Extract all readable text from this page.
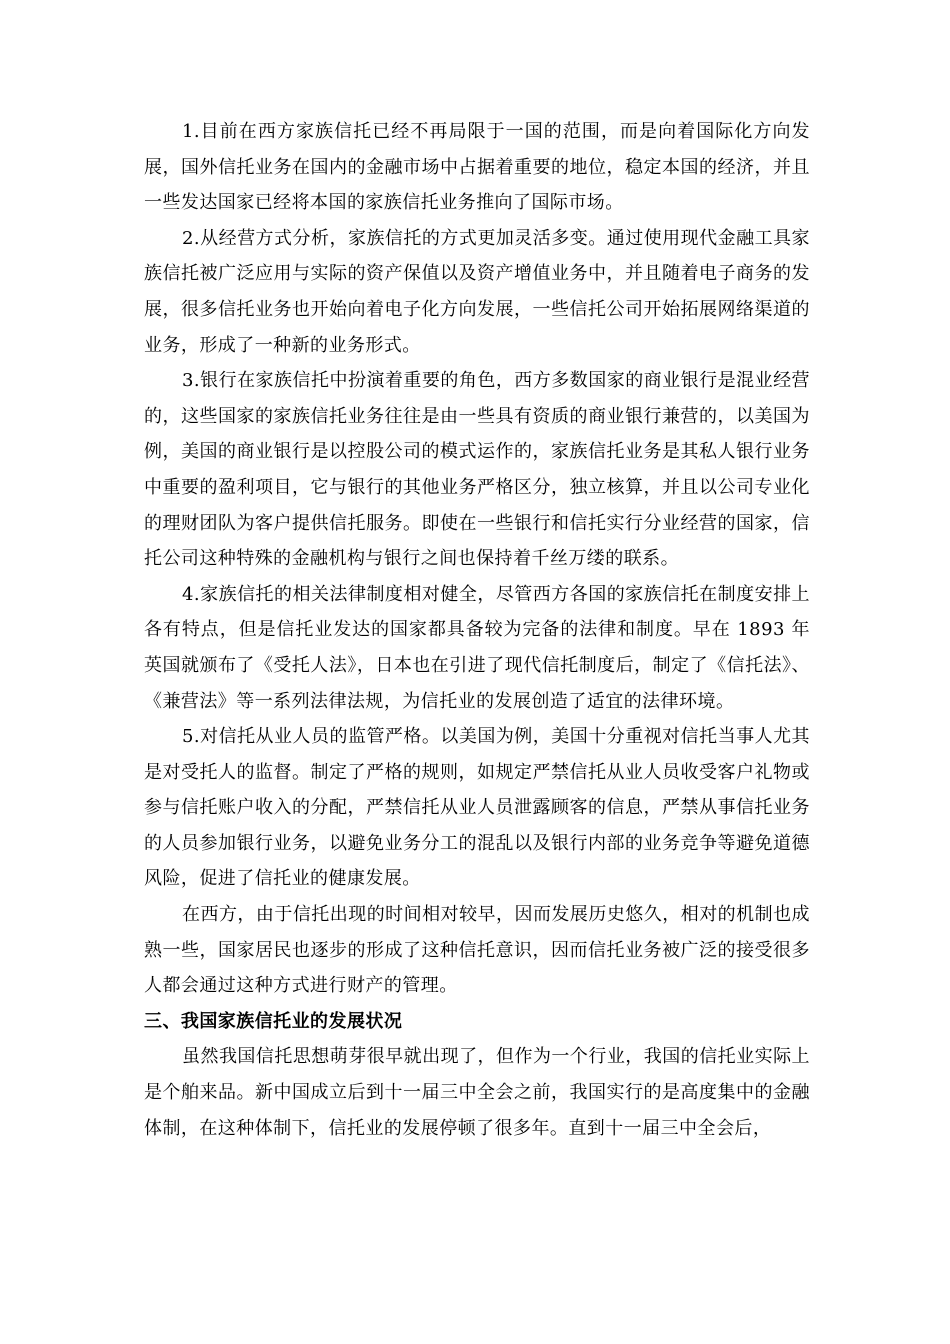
1.目前在西方家族信托已经不再局限于一国的范围，而是向着国际化方向发展，国外信托业务在国内的金融市场中占据着重要的地位，稳定本国的经济，并且一些发达国家已经将本国的家族信托业务推向了国际市场。

2.从经营方式分析，家族信托的方式更加灵活多变。通过使用现代金融工具家族信托被广泛应用与实际的资产保值以及资产增值业务中，并且随着电子商务的发展，很多信托业务也开始向着电子化方向发展，一些信托公司开始拓展网络渠道的业务，形成了一种新的业务形式。

3.银行在家族信托中扮演着重要的角色，西方多数国家的商业银行是混业经营的，这些国家的家族信托业务往往是由一些具有资质的商业银行兼营的，以美国为例，美国的商业银行是以控股公司的模式运作的，家族信托业务是其私人银行业务中重要的盈利项目，它与银行的其他业务严格区分，独立核算，并且以公司专业化的理财团队为客户提供信托服务。即使在一些银行和信托实行分业经营的国家，信托公司这种特殊的金融机构与银行之间也保持着千丝万缕的联系。

4.家族信托的相关法律制度相对健全，尽管西方各国的家族信托在制度安排上各有特点，但是信托业发达的国家都具备较为完备的法律和制度。早在 1893 年英国就颁布了《受托人法》，日本也在引进了现代信托制度后，制定了《信托法》、《兼营法》等一系列法律法规，为信托业的发展创造了适宜的法律环境。

5.对信托从业人员的监管严格。以美国为例，美国十分重视对信托当事人尤其是对受托人的监督。制定了严格的规则，如规定严禁信托从业人员收受客户礼物或参与信托账户收入的分配，严禁信托从业人员泄露顾客的信息，严禁从事信托业务的人员参加银行业务，以避免业务分工的混乱以及银行内部的业务竞争等避免道德风险，促进了信托业的健康发展。

在西方，由于信托出现的时间相对较早，因而发展历史悠久，相对的机制也成熟一些，国家居民也逐步的形成了这种信托意识，因而信托业务被广泛的接受很多人都会通过这种方式进行财产的管理。

三、我国家族信托业的发展状况

虽然我国信托思想萌芽很早就出现了，但作为一个行业，我国的信托业实际上是个舶来品。新中国成立后到十一届三中全会之前，我国实行的是高度集中的金融体制，在这种体制下，信托业的发展停顿了很多年。直到十一届三中全会后，
